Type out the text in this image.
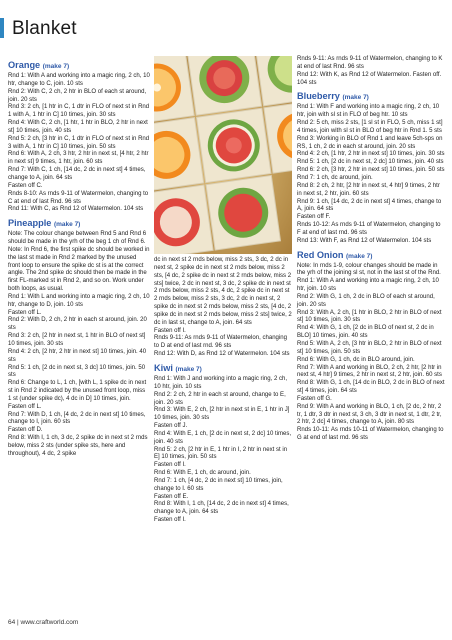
Blanket
Orange (make 7)

Rnd 1: With A and working into a magic ring, 2 ch, 10 htr, change to C, join. 10 sts

Rnd 2: With C, 2 ch, 2 htr in BLO of each st around, join. 20 sts

Rnd 3: 2 ch, [1 htr in C, 1 dtr in FLO of next st in Rnd 1 with A, 1 htr in C] 10 times, join. 30 sts

Rnd 4: With C, 2 ch, [1 htr, 1 htr in BLO, 2 htr in next st] 10 times, join. 40 sts

Rnd 5: 2 ch, [3 htr in C, 1 dtr in FLO of next st in Rnd 3 with A, 1 htr in C] 10 times, join. 50 sts

Rnd 6: With A, 2 ch, 3 htr, 2 htr in next st, [4 htr, 2 htr in next st] 9 times, 1 htr, join. 60 sts

Rnd 7: With C, 1 ch, [14 dc, 2 dc in next st] 4 times, change to A, join. 64 sts

Fasten off C.

Rnds 8-10: As rnds 9-11 of Watermelon, changing to C at end of last Rnd. 96 sts

Rnd 11: With C, as Rnd 12 of Watermelon. 104 sts

Pineapple (make 7)

Note: The colour change between Rnd 5 and Rnd 6 should be made in the yrh of the beg 1 ch of Rnd 6.

Note: In Rnd 6, the first spike dc should be worked in the last st made in Rnd 2 marked by the unused front loop to ensure the spike dc st is at the correct angle. The 2nd spike dc should then be made in the first FL-marked st in Rnd 2, and so on. Work under both loops, as usual.

Rnd 1: With L and working into a magic ring, 2 ch, 10 htr, change to D, join. 10 sts

Fasten off L.

Rnd 2: With D, 2 ch, 2 htr in each st around, join. 20 sts

Rnd 3: 2 ch, [2 htr in next st, 1 htr in BLO of next st] 10 times, join. 30 sts

Rnd 4: 2 ch, [2 htr, 2 htr in next st] 10 times, join. 40 sts

Rnd 5: 1 ch, [2 dc in next st, 3 dc] 10 times, join. 50 sts

Rnd 6: Change to L, 1 ch, [with L, 1 spike dc in next st in Rnd 2 indicated by the unused front loop, miss 1 st (under spike dc), 4 dc in D] 10 times, join.

Fasten off L.

Rnd 7: With D, 1 ch, [4 dc, 2 dc in next st] 10 times, change to I, join. 60 sts

Fasten off D.

Rnd 8: With I, 1 ch, 3 dc, 2 spike dc in next st 2 rnds below, miss 2 sts (under spike sts, here and throughout), 4 dc, 2 spike

dc in next st 2 rnds below, miss 2 sts, 3 dc, 2 dc in next st, 2 spike dc in next st 2 rnds below, miss 2 sts, [4 dc, 2 spike dc in next st 2 rnds below, miss 2 sts] twice, 2 dc in next st, 3 dc, 2 spike dc in next st 2 rnds below, miss 2 sts, 4 dc, 2 spike dc in next st 2 rnds below, miss 2 sts, 3 dc, 2 dc in next st, 2 spike dc in next st 2 rnds below, miss 2 sts, [4 dc, 2 spike dc in next st 2 rnds below, miss 2 sts] twice, 2 dc in last st, change to A, join. 64 sts

Fasten off I.

Rnds 9-11: As rnds 9-11 of Watermelon, changing to D at end of last rnd. 96 sts

Rnd 12: With D, as Rnd 12 of Watermelon. 104 sts

Kiwi (make 7)

Rnd 1: With J and working into a magic ring, 2 ch, 10 htr, join. 10 sts

Rnd 2: 2 ch, 2 htr in each st around, change to E, join. 20 sts

Rnd 3: With E, 2 ch, [2 htr in next st in E, 1 htr in J] 10 times, join. 30 sts

Fasten off J.

Rnd 4: With E, 1 ch, [2 dc in next st, 2 dc] 10 times, join. 40 sts

Rnd 5: 2 ch, [2 htr in E, 1 htr in I, 2 htr in next st in E] 10 times, join. 50 sts

Fasten off I.

Rnd 6: With E, 1 ch, dc around, join.

Rnd 7: 1 ch, [4 dc, 2 dc in next st] 10 times, join, change to I. 60 sts

Fasten off E.

Rnd 8: With I, 1 ch, [14 dc, 2 dc in next st] 4 times, change to A, join. 64 sts

Fasten off I.

Rnds 9-11: As rnds 9-11 of Watermelon, changing to K at end of last Rnd. 96 sts

Rnd 12: With K, as Rnd 12 of Watermelon. Fasten off. 104 sts

Blueberry (make 7)

Rnd 1: With F and working into a magic ring, 2 ch, 10 htr, join with sl st in FLO of beg htr. 10 sts

Rnd 2: 5 ch, miss 2 sts, [1 sl st in FLO, 5 ch, miss 1 st] 4 times, join with sl st in BLO of beg htr in Rnd 1. 5 sts

Rnd 3: Working in BLO of Rnd 1 and leave 5ch-sps on RS, 1 ch, 2 dc in each st around, join. 20 sts

Rnd 4: 2 ch, [1 htr, 2 htr in next st] 10 times, join. 30 sts

Rnd 5: 1 ch, [2 dc in next st, 2 dc] 10 times, join. 40 sts

Rnd 6: 2 ch, [3 htr, 2 htr in next st] 10 times, join. 50 sts

Rnd 7: 1 ch, dc around, join.

Rnd 8: 2 ch, 2 htr, [2 htr in next st, 4 htr] 9 times, 2 htr in next st, 2 htr, join. 60 sts

Rnd 9: 1 ch, [14 dc, 2 dc in next st] 4 times, change to A, join. 64 sts

Fasten off F.

Rnds 10-12: As rnds 9-11 of Watermelon, changing to F at end of last rnd. 96 sts

Rnd 13: With F, as Rnd 12 of Watermelon. 104 sts

Red Onion (make 7)

Note: In rnds 1-9, colour changes should be made in the yrh of the joining sl st, not in the last st of the Rnd.

Rnd 1: With A and working into a magic ring, 2 ch, 10 htr, join. 10 sts

Rnd 2: With G, 1 ch, 2 dc in BLO of each st around, join. 20 sts

Rnd 3: With A, 2 ch, [1 htr in BLO, 2 htr in BLO of next st] 10 times, join. 30 sts

Rnd 4: With G, 1 ch, [2 dc in BLO of next st, 2 dc in BLO] 10 times, join. 40 sts

Rnd 5: With A, 2 ch, [3 htr in BLO, 2 htr in BLO of next st] 10 times, join. 50 sts

Rnd 6: With G, 1 ch, dc in BLO around, join.

Rnd 7: With A and working in BLO, 2 ch, 2 htr, [2 htr in next st, 4 htr] 9 times, 2 htr in next st, 2 htr, join. 60 sts

Rnd 8: With G, 1 ch, [14 dc in BLO, 2 dc in BLO of next st] 4 times, join. 64 sts

Fasten off G.

Rnd 9: With A and working in BLO, 1 ch, [2 dc, 2 htr, 2 tr, 1 dtr, 3 dtr in next st, 3 ch, 3 dtr in next st, 1 dtr, 2 tr, 2 htr, 2 dc] 4 times, change to A, join. 80 sts

Rnds 10-11: As rnds 10-11 of Watermelon, changing to G at end of last rnd. 96 sts

64 | www.craftworld.com
